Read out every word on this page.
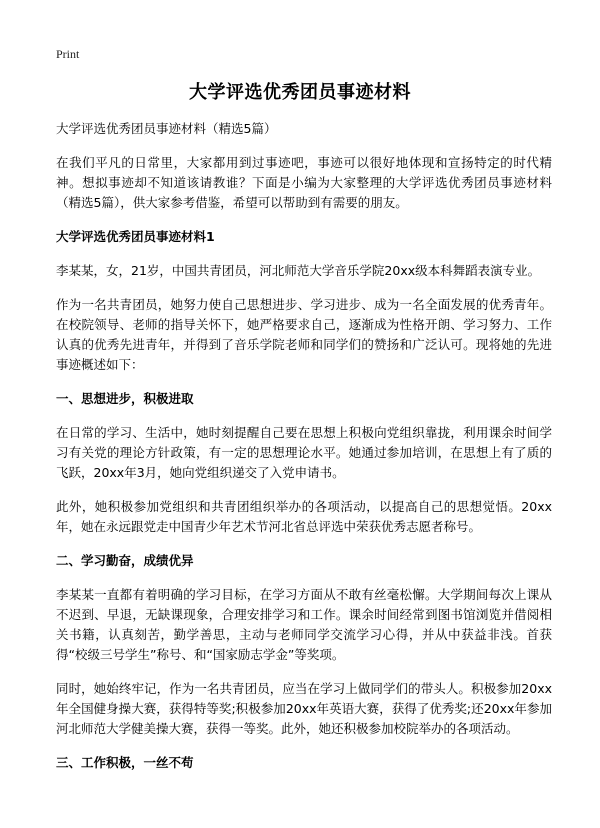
Print
大学评选优秀团员事迹材料

大学评选优秀团员事迹材料（精选5篇）

在我们平凡的日常里，大家都用到过事迹吧，事迹可以很好地体现和宣扬特定的时代精神。想拟事迹却不知道该请教谁？下面是小编为大家整理的大学评选优秀团员事迹材料（精选5篇），供大家参考借鉴，希望可以帮助到有需要的朋友。

大学评选优秀团员事迹材料1

李某某，女，21岁，中国共青团员，河北师范大学音乐学院20xx级本科舞蹈表演专业。

作为一名共青团员，她努力使自己思想进步、学习进步、成为一名全面发展的优秀青年。在校院领导、老师的指导关怀下，她严格要求自己，逐渐成为性格开朗、学习努力、工作认真的优秀先进青年，并得到了音乐学院老师和同学们的赞扬和广泛认可。现将她的先进事迹概述如下：

一、思想进步，积极进取

在日常的学习、生活中，她时刻提醒自己要在思想上积极向党组织靠拢，利用课余时间学习有关党的理论方针政策，有一定的思想理论水平。她通过参加培训，在思想上有了质的飞跃，20xx年3月，她向党组织递交了入党申请书。

此外，她积极参加党组织和共青团组织举办的各项活动，以提高自己的思想觉悟。20xx年，她在永远跟党走中国青少年艺术节河北省总评选中荣获优秀志愿者称号。

二、学习勤奋，成绩优异

李某某一直都有着明确的学习目标，在学习方面从不敢有丝毫松懈。大学期间每次上课从不迟到、早退，无缺课现象，合理安排学习和工作。课余时间经常到图书馆浏览并借阅相关书籍，认真刻苦，勤学善思，主动与老师同学交流学习心得，并从中获益非浅。首获得“校级三号学生”称号、和“国家励志学金”等奖项。

同时，她始终牢记，作为一名共青团员，应当在学习上做同学们的带头人。积极参加20xx年全国健身操大赛，获得特等奖;积极参加20xx年英语大赛，获得了优秀奖;还20xx年参加河北师范大学健美操大赛，获得一等奖。此外，她还积极参加校院举办的各项活动。

三、工作积极，一丝不苟
